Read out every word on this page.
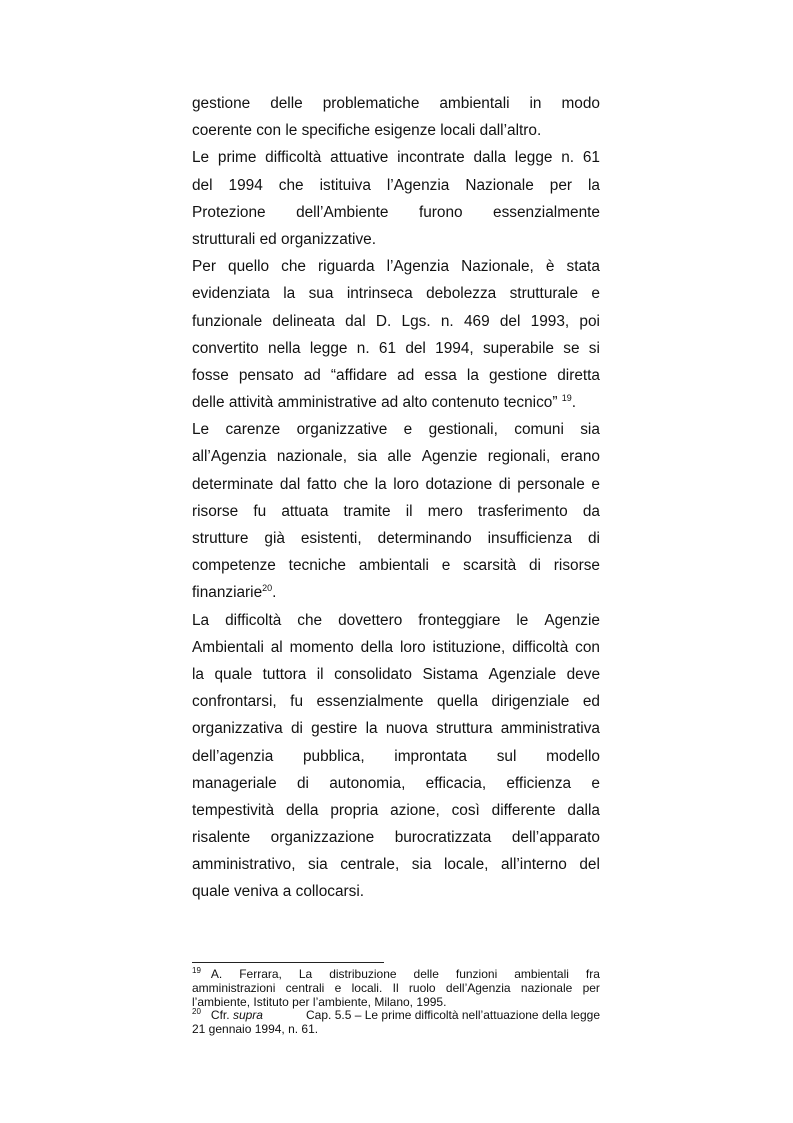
gestione delle problematiche ambientali in modo
coerente con le specifiche esigenze locali dall’altro.
Le prime difficoltà attuative incontrate dalla legge n. 61
del 1994 che istituiva l’Agenzia Nazionale per la
Protezione dell’Ambiente furono essenzialmente
strutturali ed organizzative.
Per quello che riguarda l’Agenzia Nazionale, è stata
evidenziata la sua intrinseca debolezza strutturale e
funzionale delineata dal D. Lgs. n. 469 del 1993, poi
convertito nella legge n. 61 del 1994, superabile se si
fosse pensato ad “affidare ad essa la gestione diretta
delle attività amministrative ad alto contenuto tecnico” $^{19}$.
Le carenze organizzative e gestionali, comuni sia
all’Agenzia nazionale, sia alle Agenzie regionali, erano
determinate dal fatto che la loro dotazione di personale e
risorse fu attuata tramite il mero trasferimento da
strutture già esistenti, determinando insufficienza di
competenze tecniche ambientali e scarsità di risorse
finanziarie$^{20}$.
La difficoltà che dovettero fronteggiare le Agenzie
Ambientali al momento della loro istituzione, difficoltà con
la quale tuttora il consolidato Sistama Agenziale deve
confrontarsi, fu essenzialmente quella dirigenziale ed
organizzativa di gestire la nuova struttura amministrativa
dell’agenzia pubblica, improntata sul modello
manageriale di autonomia, efficacia, efficienza e
tempestività della propria azione, così differente dalla
risalente organizzazione burocratizzata dell’apparato
amministrativo, sia centrale, sia locale, all’interno del
quale veniva a collocarsi.
$^{19}$   A. Ferrara, La distribuzione delle funzioni ambientali fra
amministrazioni centrali e locali. Il ruolo dell’Agenzia nazionale per
l’ambiente, Istituto per l’ambiente, Milano, 1995.
$^{20}$ Cfr. supra	Cap. 5.5 – Le prime difficoltà nell’attuazione della legge
21 gennaio 1994, n. 61.
